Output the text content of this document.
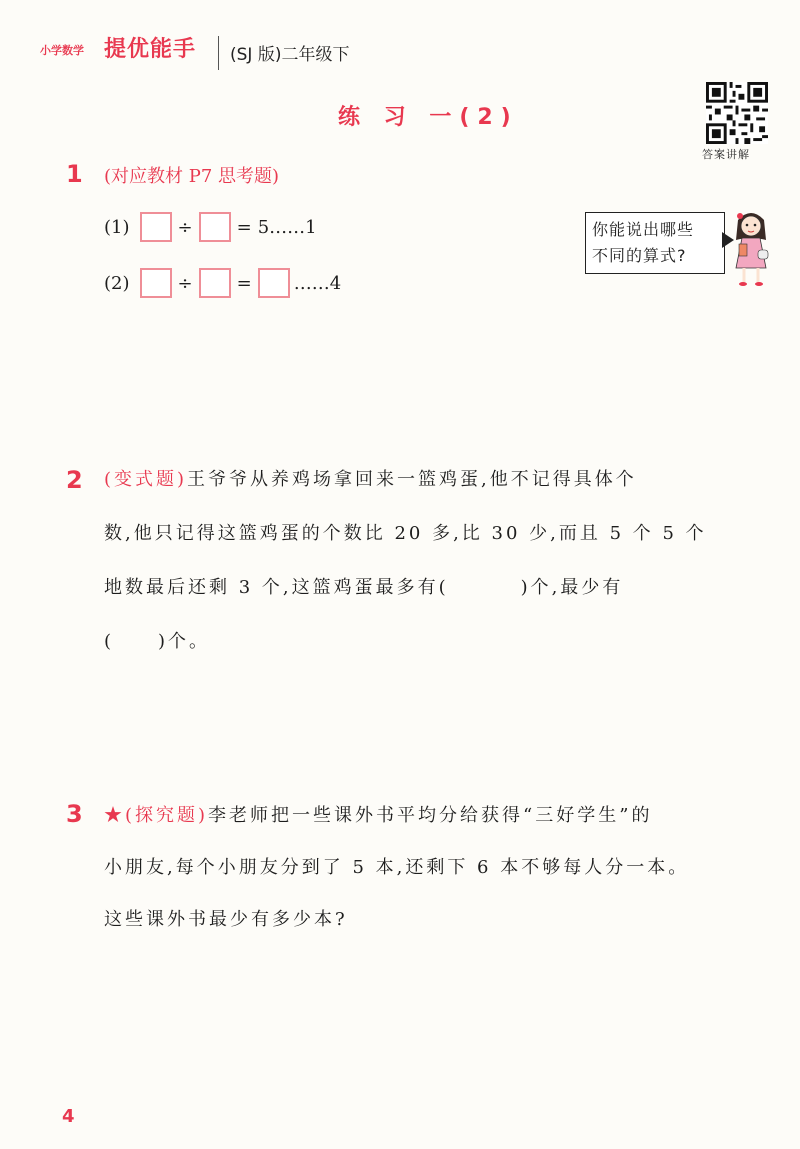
小学数学 提优能手 (SJ 版)二年级下
答案讲解
练 习 一(2)
1 (对应教材 P7 思考题)
(1)	÷ = 5……1
(2)	÷ = ……4
你能说出哪些
不同的算式?
2 (变式题)王爷爷从养鸡场拿回来一篮鸡蛋,他不记得具体个
数,他只记得这篮鸡蛋的个数比 20 多,比 30 少,而且 5 个 5 个
地数最后还剩 3 个,这篮鸡蛋最多有(	)个,最少有
( )个。
3 ★(探究题)李老师把一些课外书平均分给获得“三好学生”的
小朋友,每个小朋友分到了 5 本,还剩下 6 本不够每人分一本。
这些课外书最少有多少本?
4
